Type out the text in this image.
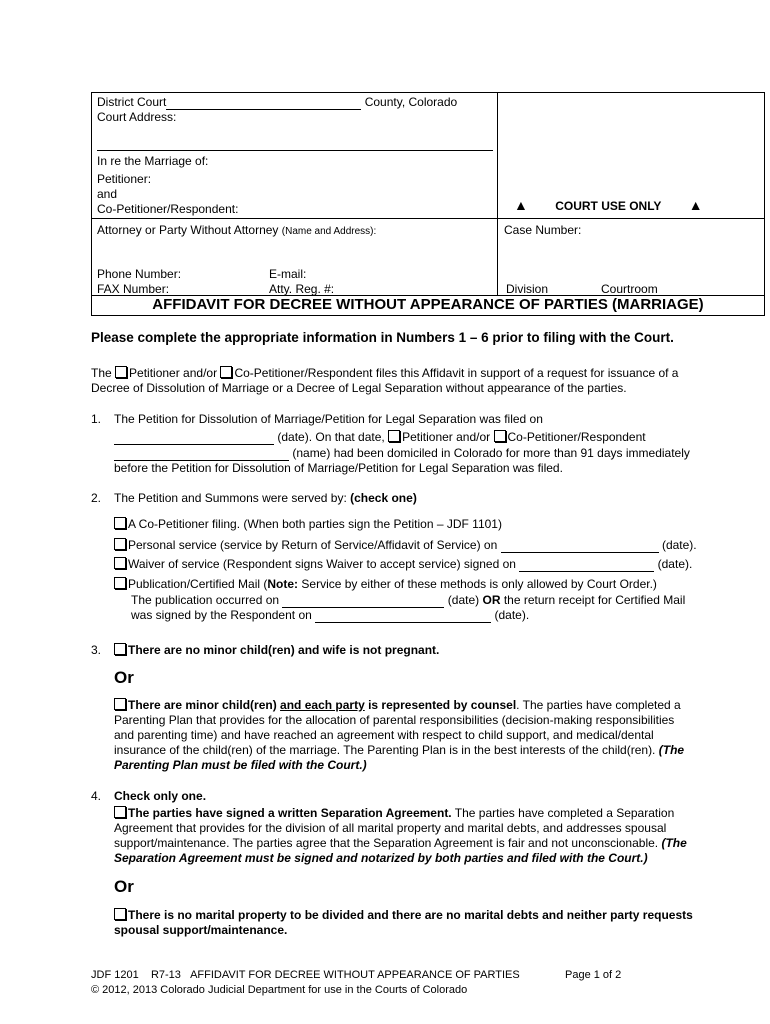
District Court	County, Colorado
Court Address:
In re the Marriage of:
Petitioner:
and
Co-Petitioner/Respondent:	▲ COURT USE ONLY ▲
Attorney or Party Without Attorney (Name and Address):	Case Number:
Phone Number:	E-mail:
FAX Number:	Atty. Reg. #:	Division	Courtroom
AFFIDAVIT FOR DECREE WITHOUT APPEARANCE OF PARTIES (MARRIAGE)
Please complete the appropriate information in Numbers 1 – 6 prior to filing with the Court.
The Petitioner and/or Co-Petitioner/Respondent files this Affidavit in support of a request for issuance of a
Decree of Dissolution of Marriage or a Decree of Legal Separation without appearance of the parties.
1. The Petition for Dissolution of Marriage/Petition for Legal Separation was filed on
(date). On that date, Petitioner and/or Co-Petitioner/Respondent
(name) had been domiciled in Colorado for more than 91 days immediately
before the Petition for Dissolution of Marriage/Petition for Legal Separation was filed.
2. The Petition and Summons were served by: (check one)
A Co-Petitioner filing. (When both parties sign the Petition – JDF 1101)
Personal service (service by Return of Service/Affidavit of Service) on	(date).
Waiver of service (Respondent signs Waiver to accept service) signed on	(date).
Publication/Certified Mail (Note: Service by either of these methods is only allowed by Court Order.)
The publication occurred on	(date) OR the return receipt for Certified Mail
was signed by the Respondent on	(date).
3.	There are no minor child(ren) and wife is not pregnant.
Or
There are minor child(ren) and each party is represented by counsel. The parties have completed a
Parenting Plan that provides for the allocation of parental responsibilities (decision-making responsibilities
and parenting time) and have reached an agreement with respect to child support, and medical/dental
insurance of the child(ren) of the marriage. The Parenting Plan is in the best interests of the child(ren). (The
Parenting Plan must be filed with the Court.)
4. Check only one.
The parties have signed a written Separation Agreement. The parties have completed a Separation
Agreement that provides for the division of all marital property and marital debts, and addresses spousal
support/maintenance. The parties agree that the Separation Agreement is fair and not unconscionable. (The
Separation Agreement must be signed and notarized by both parties and filed with the Court.)
Or
There is no marital property to be divided and there are no marital debts and neither party requests
spousal support/maintenance.
JDF 1201 R7-13 AFFIDAVIT FOR DECREE WITHOUT APPEARANCE OF PARTIES	Page 1 of 2
© 2012, 2013 Colorado Judicial Department for use in the Courts of Colorado
